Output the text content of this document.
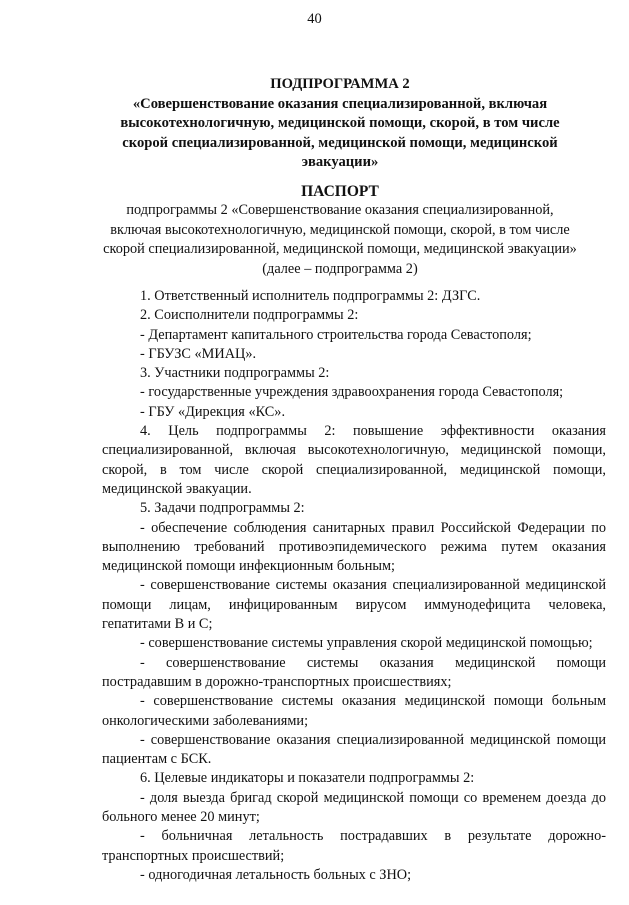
40
ПОДПРОГРАММА 2
«Совершенствование оказания специализированной, включая
высокотехнологичную, медицинской помощи, скорой, в том числе
скорой специализированной, медицинской помощи, медицинской
эвакуации»
ПАСПОРТ
подпрограммы 2 «Совершенствование оказания специализированной,
включая высокотехнологичную, медицинской помощи, скорой, в том числе
скорой специализированной, медицинской помощи, медицинской эвакуации»
(далее – подпрограмма 2)

1. Ответственный исполнитель подпрограммы 2: ДЗГС.

2. Соисполнители подпрограммы 2:

- Департамент капитального строительства города Севастополя;

- ГБУЗС «МИАЦ».

3. Участники подпрограммы 2:

- государственные учреждения здравоохранения города Севастополя;

- ГБУ «Дирекция «КС».

4. Цель подпрограммы 2: повышение эффективности оказания специализированной, включая высокотехнологичную, медицинской помощи, скорой, в том числе скорой специализированной, медицинской помощи, медицинской эвакуации.

5. Задачи подпрограммы 2:

- обеспечение соблюдения санитарных правил Российской Федерации по выполнению требований противоэпидемического режима путем оказания медицинской помощи инфекционным больным;

- совершенствование системы оказания специализированной медицинской помощи лицам, инфицированным вирусом иммунодефицита человека, гепатитами В и С;

- совершенствование системы управления скорой медицинской помощью;

- совершенствование системы оказания медицинской помощи пострадавшим в дорожно-транспортных происшествиях;

- совершенствование системы оказания медицинской помощи больным онкологическими заболеваниями;

- совершенствование оказания специализированной медицинской помощи пациентам с БСК.

6. Целевые индикаторы и показатели подпрограммы 2:

- доля выезда бригад скорой медицинской помощи со временем доезда до больного менее 20 минут;

- больничная летальность пострадавших в результате дорожно-транспортных происшествий;

- одногодичная летальность больных с ЗНО;
